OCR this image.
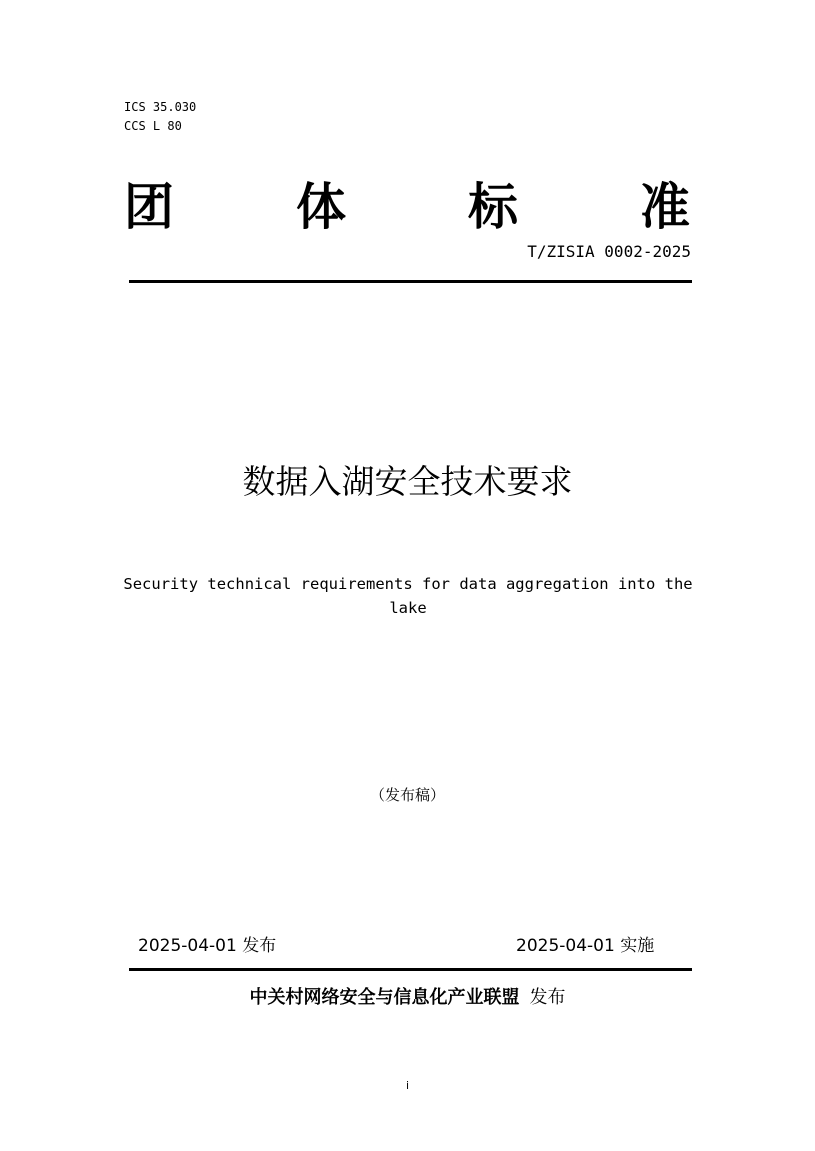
ICS 35.030
CCS L 80
团 体 标 准
T/ZISIA 0002-2025
数据入湖安全技术要求
Security technical requirements for data aggregation into the lake
（发布稿）
2025-04-01 发布	2025-04-01 实施
中关村网络安全与信息化产业联盟 发布
i
